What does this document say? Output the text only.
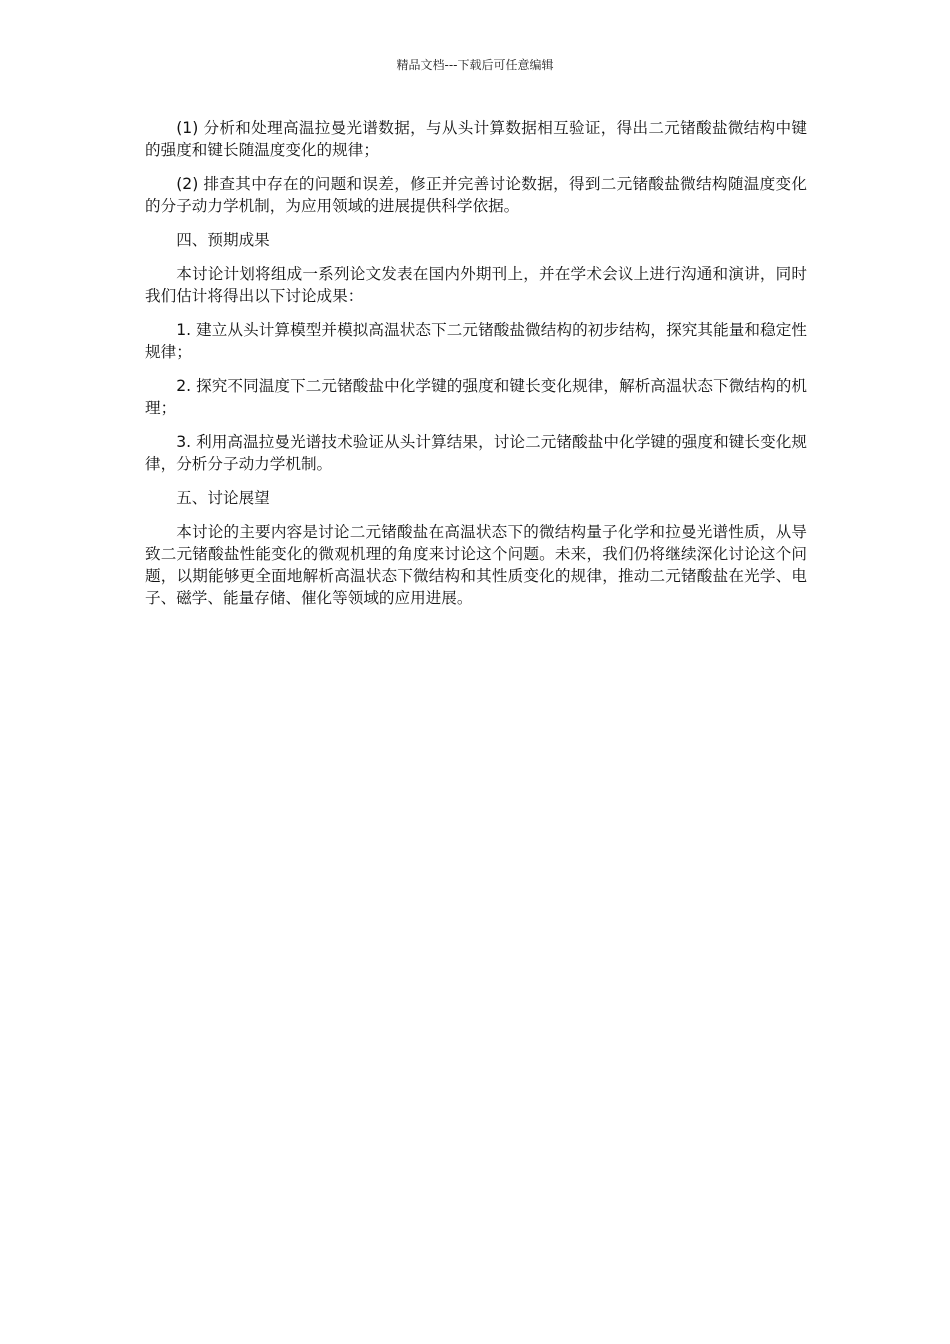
精品文档---下载后可任意编辑

(1) 分析和处理高温拉曼光谱数据，与从头计算数据相互验证，得出二元锗酸盐微结构中键的强度和键长随温度变化的规律；

(2) 排查其中存在的问题和误差，修正并完善讨论数据，得到二元锗酸盐微结构随温度变化的分子动力学机制，为应用领域的进展提供科学依据。

四、预期成果

本讨论计划将组成一系列论文发表在国内外期刊上，并在学术会议上进行沟通和演讲，同时我们估计将得出以下讨论成果：

1. 建立从头计算模型并模拟高温状态下二元锗酸盐微结构的初步结构，探究其能量和稳定性规律；

2. 探究不同温度下二元锗酸盐中化学键的强度和键长变化规律，解析高温状态下微结构的机理；

3. 利用高温拉曼光谱技术验证从头计算结果，讨论二元锗酸盐中化学键的强度和键长变化规律，分析分子动力学机制。

五、讨论展望

本讨论的主要内容是讨论二元锗酸盐在高温状态下的微结构量子化学和拉曼光谱性质，从导致二元锗酸盐性能变化的微观机理的角度来讨论这个问题。未来，我们仍将继续深化讨论这个问题，以期能够更全面地解析高温状态下微结构和其性质变化的规律，推动二元锗酸盐在光学、电子、磁学、能量存储、催化等领域的应用进展。
